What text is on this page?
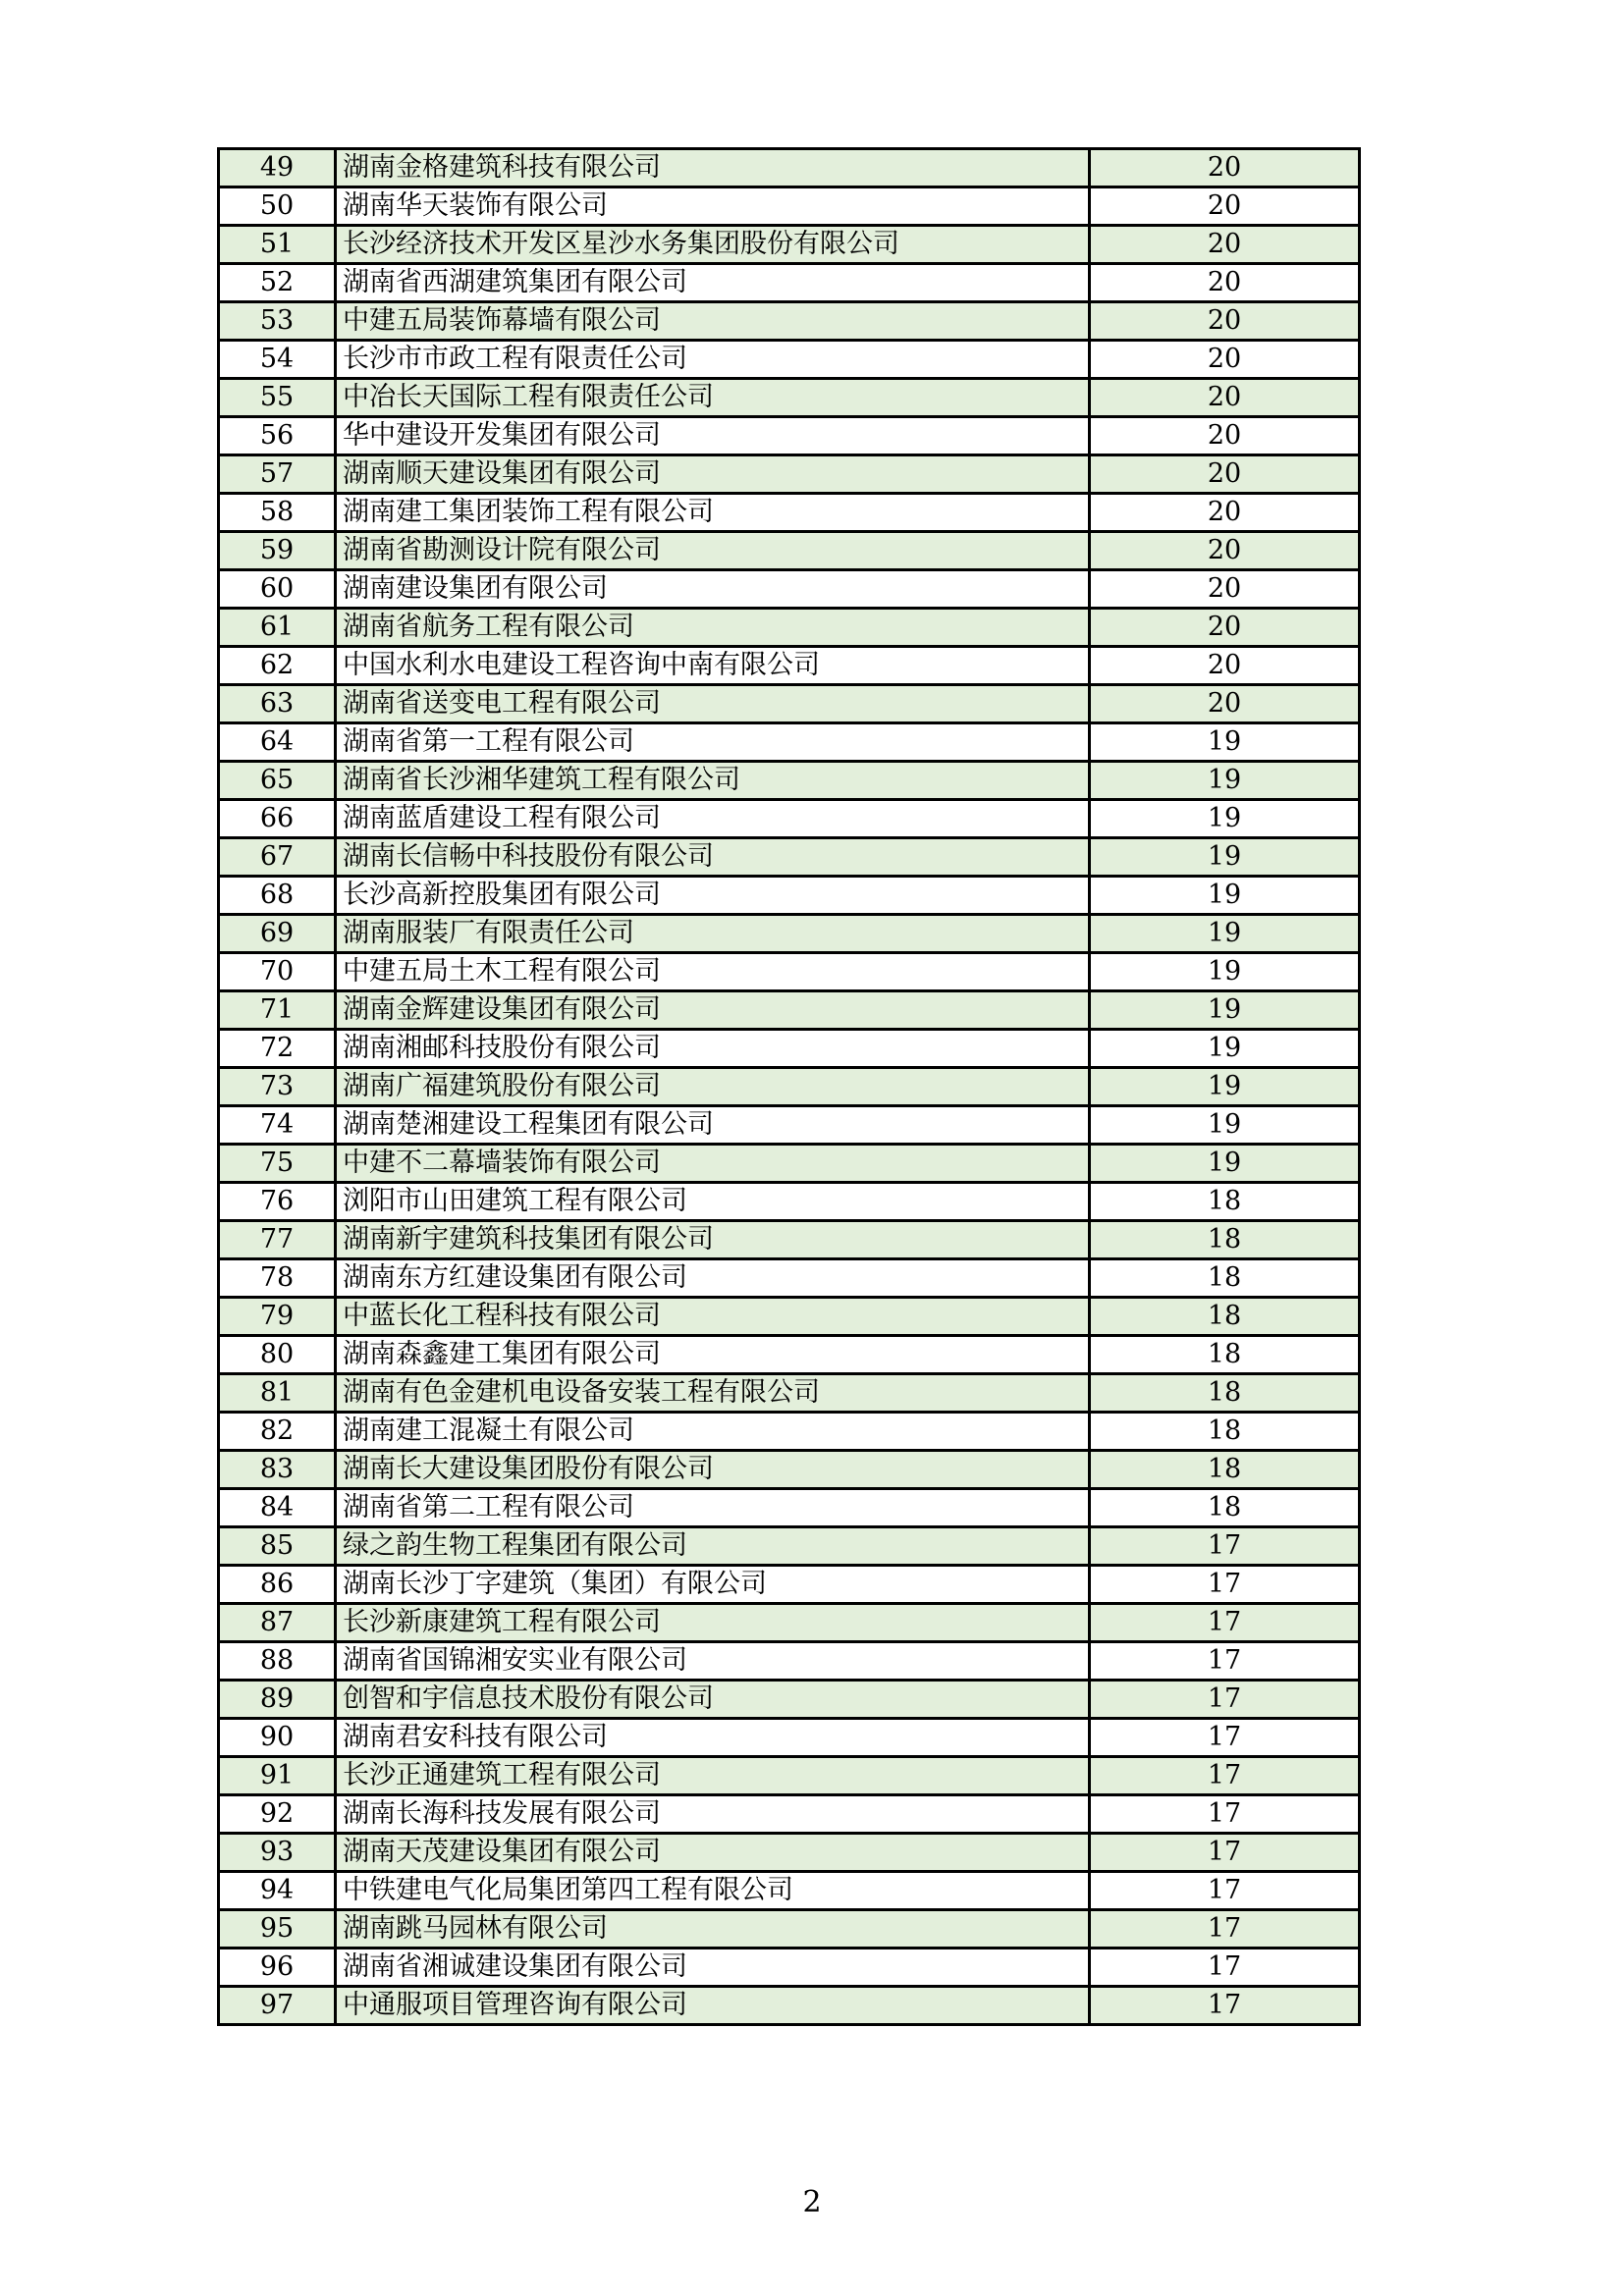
49	湖南金格建筑科技有限公司	20
50	湖南华天装饰有限公司	20
51	长沙经济技术开发区星沙水务集团股份有限公司	20
52	湖南省西湖建筑集团有限公司	20
53	中建五局装饰幕墙有限公司	20
54	长沙市市政工程有限责任公司	20
55	中冶长天国际工程有限责任公司	20
56	华中建设开发集团有限公司	20
57	湖南顺天建设集团有限公司	20
58	湖南建工集团装饰工程有限公司	20
59	湖南省勘测设计院有限公司	20
60	湖南建设集团有限公司	20
61	湖南省航务工程有限公司	20
62	中国水利水电建设工程咨询中南有限公司	20
63	湖南省送变电工程有限公司	20
64	湖南省第一工程有限公司	19
65	湖南省长沙湘华建筑工程有限公司	19
66	湖南蓝盾建设工程有限公司	19
67	湖南长信畅中科技股份有限公司	19
68	长沙高新控股集团有限公司	19
69	湖南服装厂有限责任公司	19
70	中建五局土木工程有限公司	19
71	湖南金辉建设集团有限公司	19
72	湖南湘邮科技股份有限公司	19
73	湖南广福建筑股份有限公司	19
74	湖南楚湘建设工程集团有限公司	19
75	中建不二幕墙装饰有限公司	19
76	浏阳市山田建筑工程有限公司	18
77	湖南新宇建筑科技集团有限公司	18
78	湖南东方红建设集团有限公司	18
79	中蓝长化工程科技有限公司	18
80	湖南森鑫建工集团有限公司	18
81	湖南有色金建机电设备安装工程有限公司	18
82	湖南建工混凝土有限公司	18
83	湖南长大建设集团股份有限公司	18
84	湖南省第二工程有限公司	18
85	绿之韵生物工程集团有限公司	17
86	湖南长沙丁字建筑（集团）有限公司	17
87	长沙新康建筑工程有限公司	17
88	湖南省国锦湘安实业有限公司	17
89	创智和宇信息技术股份有限公司	17
90	湖南君安科技有限公司	17
91	长沙正通建筑工程有限公司	17
92	湖南长海科技发展有限公司	17
93	湖南天茂建设集团有限公司	17
94	中铁建电气化局集团第四工程有限公司	17
95	湖南跳马园林有限公司	17
96	湖南省湘诚建设集团有限公司	17
97	中通服项目管理咨询有限公司	17
2
